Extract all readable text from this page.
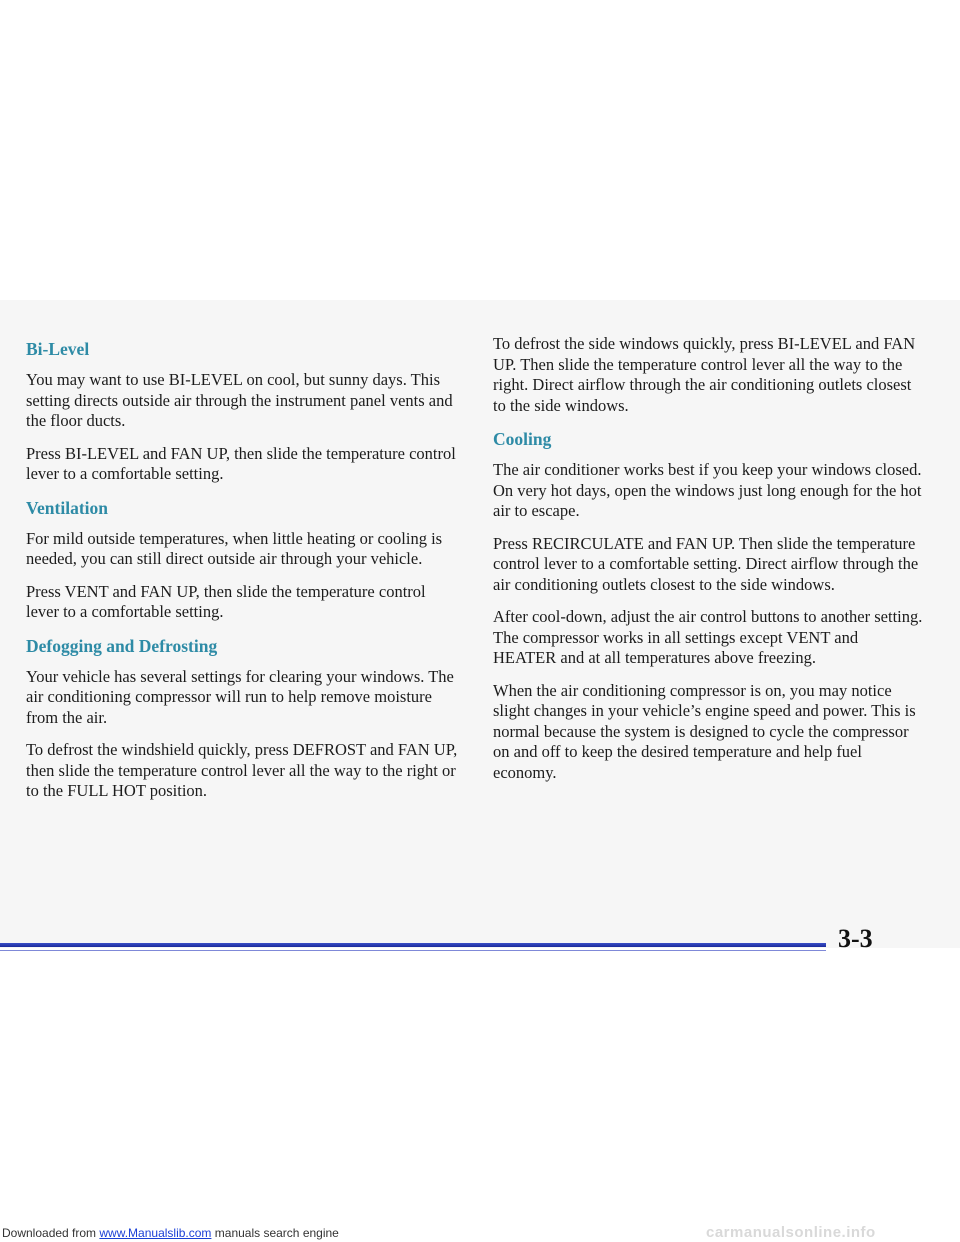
Bi-Level

You may want to use BI-LEVEL on cool, but sunny days. This setting directs outside air through the instrument panel vents and the floor ducts.

Press BI-LEVEL and FAN UP, then slide the temperature control lever to a comfortable setting.

Ventilation

For mild outside temperatures, when little heating or cooling is needed, you can still direct outside air through your vehicle.

Press VENT and FAN UP, then slide the temperature control lever to a comfortable setting.

Defogging and Defrosting

Your vehicle has several settings for clearing your windows. The air conditioning compressor will run to help remove moisture from the air.

To defrost the windshield quickly, press DEFROST and FAN UP, then slide the temperature control lever all the way to the right or to the FULL HOT position.

To defrost the side windows quickly, press BI-LEVEL and FAN UP. Then slide the temperature control lever all the way to the right. Direct airflow through the air conditioning outlets closest to the side windows.

Cooling

The air conditioner works best if you keep your windows closed. On very hot days, open the windows just long enough for the hot air to escape.

Press RECIRCULATE and FAN UP. Then slide the temperature control lever to a comfortable setting. Direct airflow through the air conditioning outlets closest to the side windows.

After cool-down, adjust the air control buttons to another setting. The compressor works in all settings except VENT and HEATER and at all temperatures above freezing.

When the air conditioning compressor is on, you may notice slight changes in your vehicle’s engine speed and power. This is normal because the system is designed to cycle the compressor on and off to keep the desired temperature and help fuel economy.

3-3
Downloaded from www.Manualslib.com manuals search engine	carmanualsonline.info
